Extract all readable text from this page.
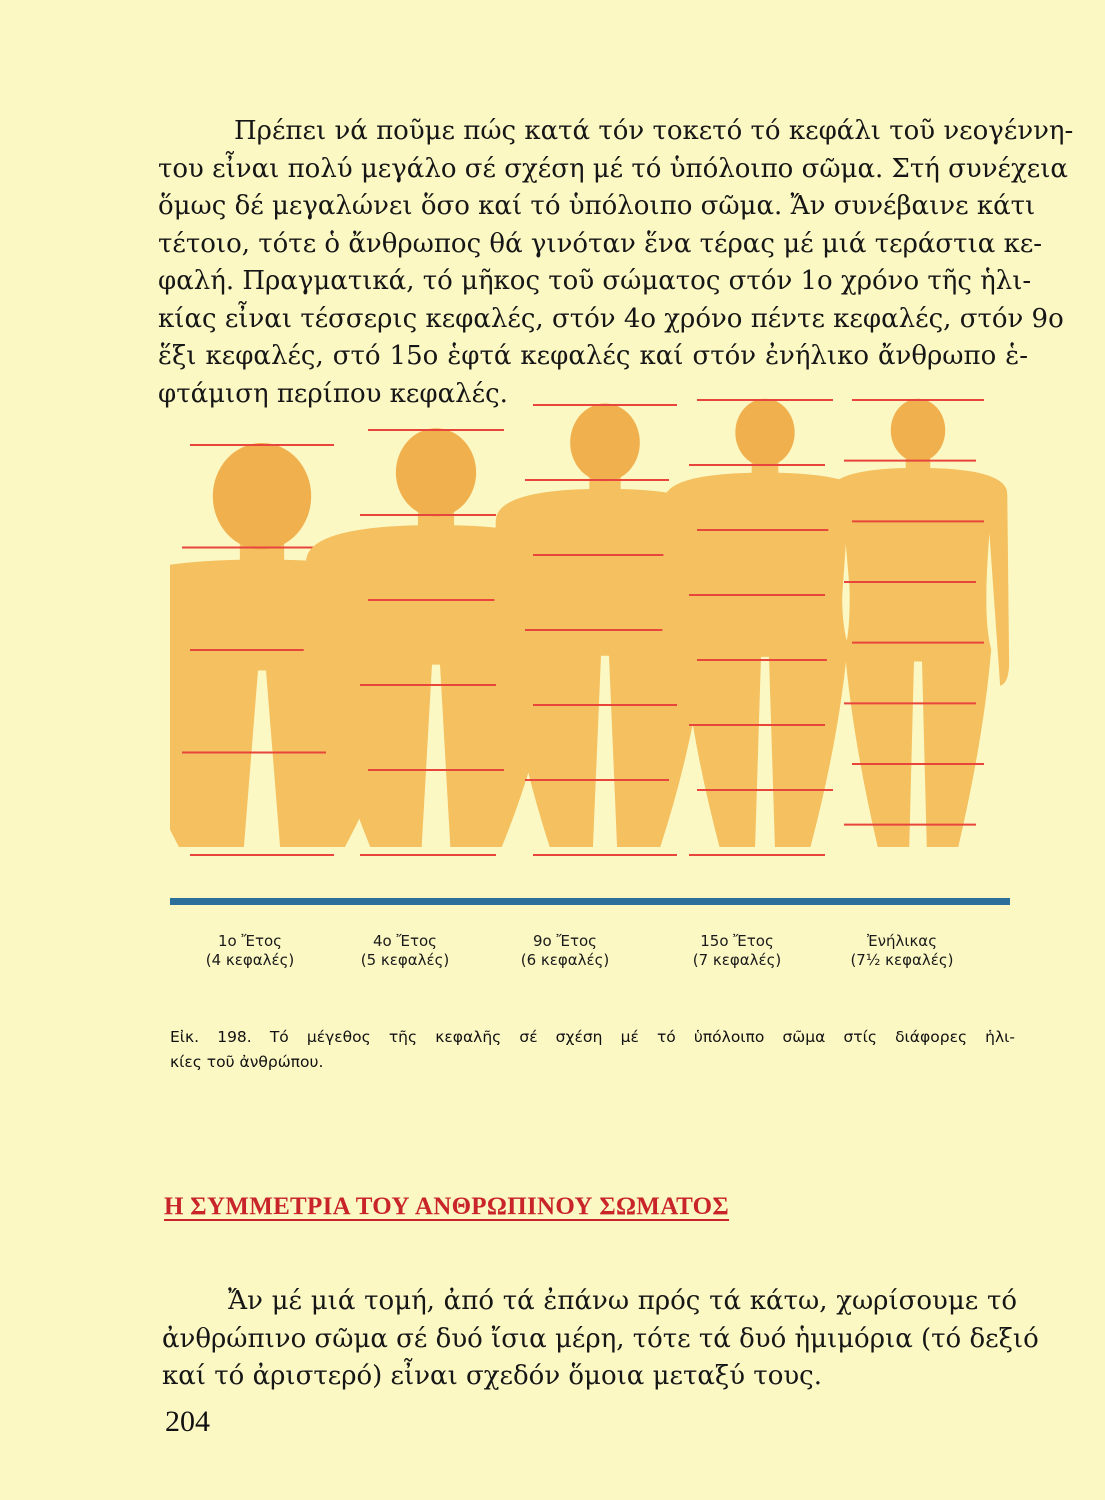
Πρέπει νά ποῦμε πώς κατά τόν τοκετό τό κεφάλι τοῦ νεογέννη-
του εἶναι πολύ μεγάλο σέ σχέση μέ τό ὑπόλοιπο σῶμα. Στή συνέχεια
ὅμως δέ μεγαλώνει ὅσο καί τό ὑπόλοιπο σῶμα. Ἄν συνέβαινε κάτι
τέτοιο, τότε ὁ ἄνθρωπος θά γινόταν ἕνα τέρας μέ μιά τεράστια κε-
φαλή. Πραγματικά, τό μῆκος τοῦ σώματος στόν 1ο χρόνο τῆς ἡλι-
κίας εἶναι τέσσερις κεφαλές, στόν 4ο χρόνο πέντε κεφαλές, στόν 9ο
ἕξι κεφαλές, στό 15ο ἑφτά κεφαλές καί στόν ἐνήλικο ἄνθρωπο ἑ-
φτάμιση περίπου κεφαλές.
1ο Ἔτος
(4 κεφαλές)
4ο Ἔτος
(5 κεφαλές)
9ο Ἔτος
(6 κεφαλές)
15ο Ἔτος
(7 κεφαλές)
Ἐνήλικας
(7½ κεφαλές)
Εἰκ. 198. Τό μέγεθος τῆς κεφαλῆς σέ σχέση μέ τό ὑπόλοιπο σῶμα στίς διάφορες ἡλι-
κίες τοῦ ἀνθρώπου.
Η ΣΥΜΜΕΤΡΙΑ ΤΟΥ ΑΝΘΡΩΠΙΝΟΥ ΣΩΜΑΤΟΣ
Ἄν μέ μιά τομή, ἀπό τά ἐπάνω πρός τά κάτω, χωρίσουμε τό
ἀνθρώπινο σῶμα σέ δυό ἴσια μέρη, τότε τά δυό ἡμιμόρια (τό δεξιό
καί τό ἀριστερό) εἶναι σχεδόν ὅμοια μεταξύ τους.
204
